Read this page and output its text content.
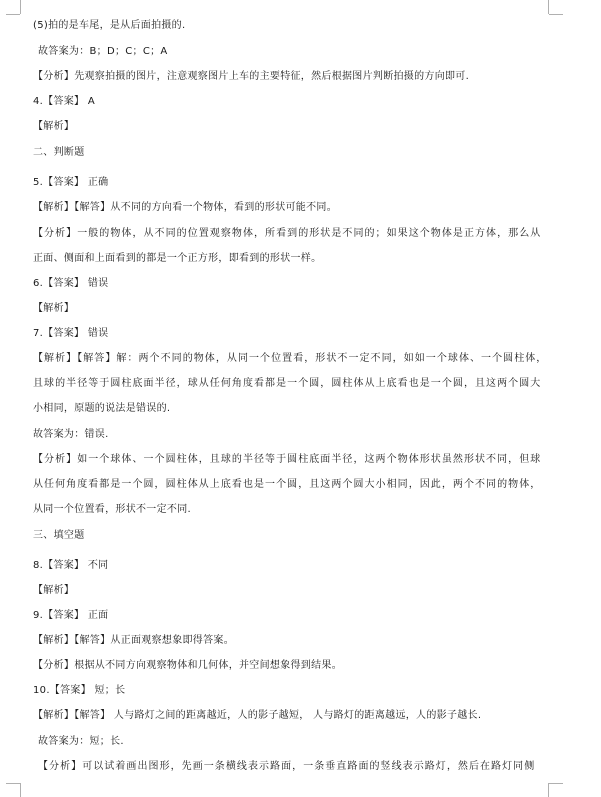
(5)拍的是车尾，是从后面拍摄的.
故答案为：B；D；C；C；A
【分析】先观察拍摄的图片，注意观察图片上车的主要特征，然后根据图片判断拍摄的方向即可.
4.【答案】 A
【解析】
二、判断题
5.【答案】 正确
【解析】【解答】从不同的方向看一个物体，看到的形状可能不同。
【分析】一般的物体，从不同的位置观察物体，所看到的形状是不同的；如果这个物体是正方体，那么从
正面、侧面和上面看到的都是一个正方形，即看到的形状一样。
6.【答案】 错误
【解析】
7.【答案】 错误
【解析】【解答】解：两个不同的物体，从同一个位置看，形状不一定不同，如如一个球体、一个圆柱体，
且球的半径等于圆柱底面半径，球从任何角度看都是一个圆，圆柱体从上底看也是一个圆，且这两个圆大
小相同，原题的说法是错误的.
故答案为：错误.
【分析】如一个球体、一个圆柱体，且球的半径等于圆柱底面半径，这两个物体形状虽然形状不同，但球
从任何角度看都是一个圆，圆柱体从上底看也是一个圆，且这两个圆大小相同，因此，两个不同的物体，
从同一个位置看，形状不一定不同.
三、填空题
8.【答案】 不同
【解析】
9.【答案】 正面
【解析】【解答】从正面观察想象即得答案。
【分析】根据从不同方向观察物体和几何体，并空间想象得到结果。
10.【答案】 短；长
【解析】【解答】 人与路灯之间的距离越近，人的影子越短， 人与路灯的距离越远，人的影子越长.
故答案为：短；长.
【分析】可以试着画出图形，先画一条横线表示路面，一条垂直路面的竖线表示路灯，然后在路灯同侧
